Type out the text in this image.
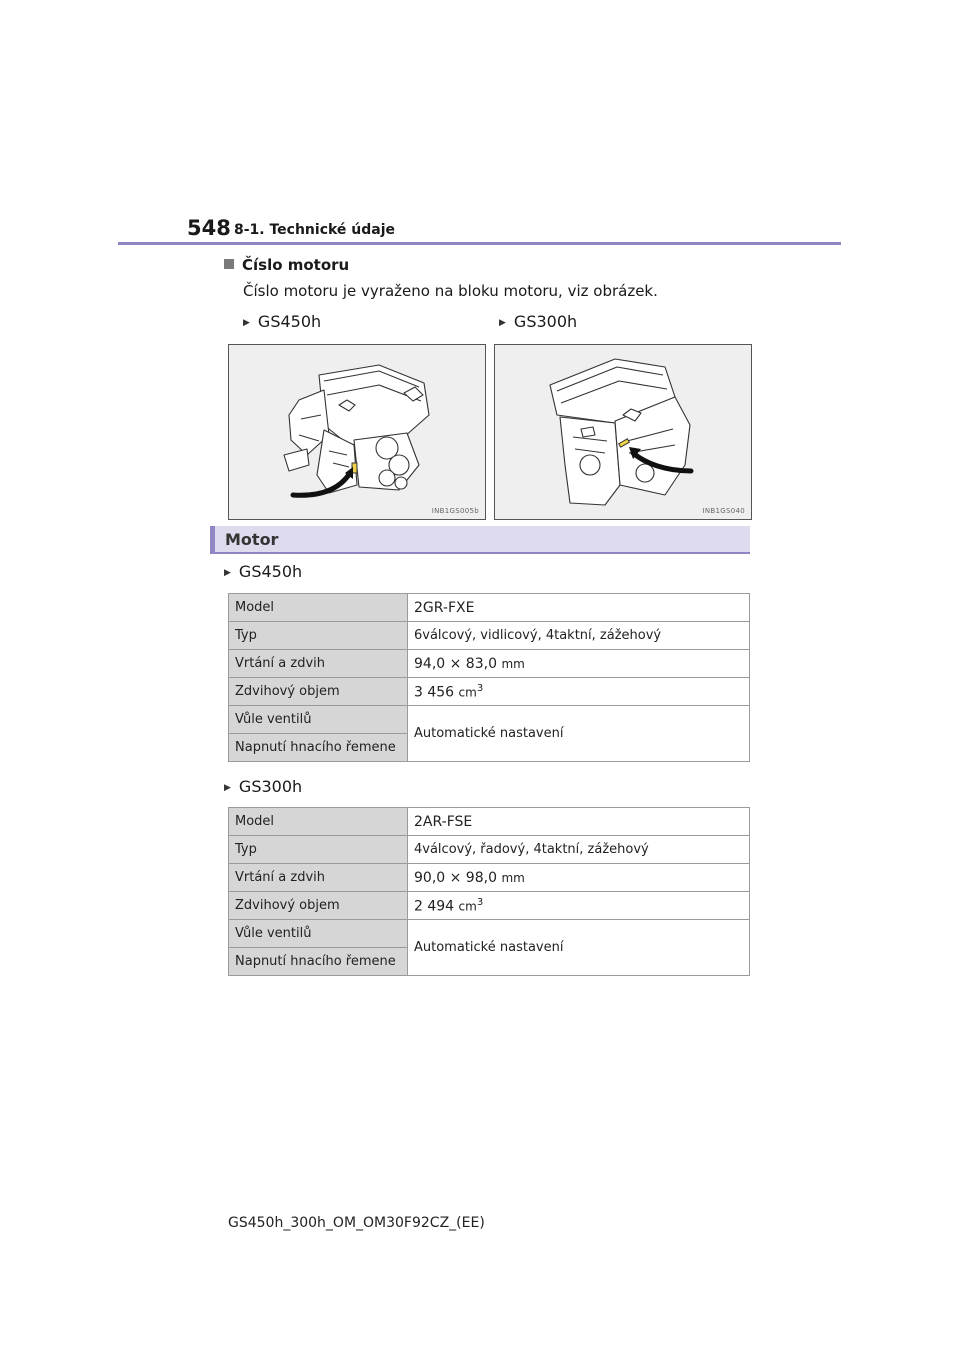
548 8-1. Technické údaje
Číslo motoru
Číslo motoru je vyraženo na bloku motoru, viz obrázek.
▶ GS450h	▶ GS300h
INB1GS005b	INB1GS040
Motor
▶ GS450h
Model	2GR-FXE
Typ	6válcový, vidlicový, 4taktní, zážehový
Vrtání a zdvih	94,0 × 83,0 mm
Zdvihový objem	3 456 $cm^3$
Vůle ventilů	Automatické nastavení
Napnutí hnacího řemene	
▶ GS300h
Model	2AR-FSE
Typ	4válcový, řadový, 4taktní, zážehový
Vrtání a zdvih	90,0 × 98,0 mm
Zdvihový objem	2 494 $cm^3$
Vůle ventilů	Automatické nastavení
Napnutí hnacího řemene	
GS450h_300h_OM_OM30F92CZ_(EE)
